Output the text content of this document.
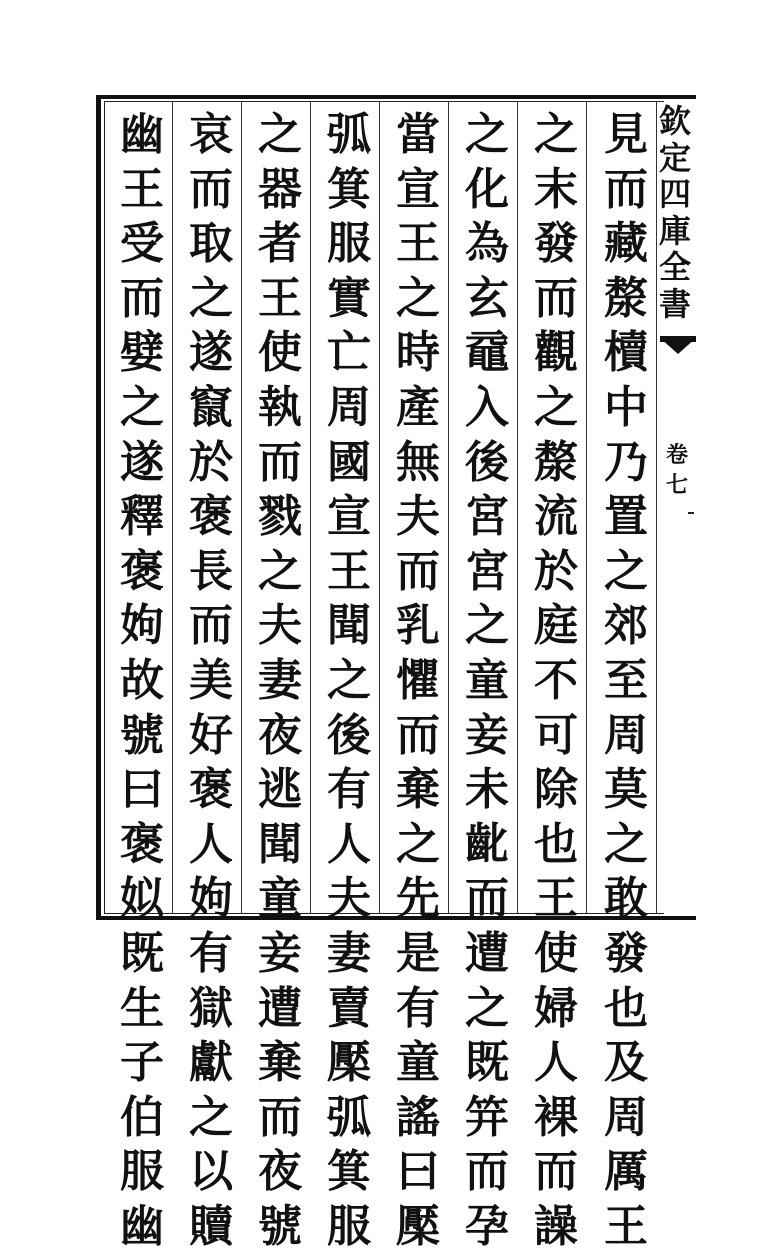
欽
定
四
庫
全
書
卷
七
見
而
藏
漦
櫝
中
乃
置
之
郊
至
周
莫
之
敢
發
也
及
周
厲
王
之
末
發
而
觀
之
漦
流
於
庭
不
可
除
也
王
使
婦
人
裸
而
譟
之
化
為
玄
黿
入
後
宮
宮
之
童
妾
未
齔
而
遭
之
既
笄
而
孕
當
宣
王
之
時
產
無
夫
而
乳
懼
而
棄
之
先
是
有
童
謠
曰
檿
弧
箕
服
實
亡
周
國
宣
王
聞
之
後
有
人
夫
妻
賣
檿
弧
箕
服
之
器
者
王
使
執
而
戮
之
夫
妻
夜
逃
聞
童
妾
遭
棄
而
夜
號
哀
而
取
之
遂
竄
於
褒
長
而
美
好
褒
人
姁
有
獄
獻
之
以
贖
幽
王
受
而
嬖
之
遂
釋
褒
姁
故
號
曰
褒
姒
既
生
子
伯
服
幽
